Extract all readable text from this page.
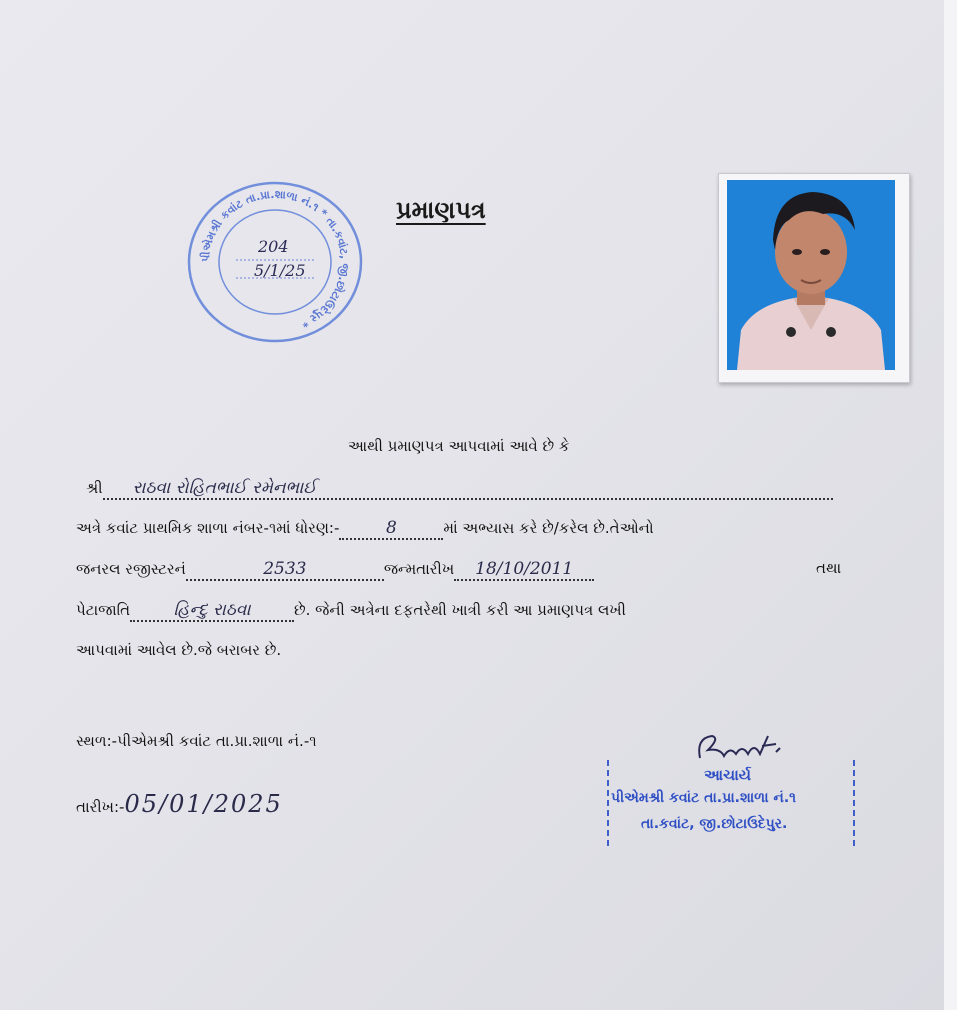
પીએમશ્રી કવાંટ તા.પ્રા.શાળા નં.૧ * તા.કવાંટ, જી.છોટાઉદેપુર *
204
5/1/25
પ્રમાણપત્ર
આથી પ્રમાણપત્ર આપવામાં આવે છે કે
શ્રી રાઠવા રોહિતભાઈ રમેનભાઈ
અત્રે કવાંટ પ્રાથમિક શાળા નંબર-૧માં ધોરણ:-	8	માં અભ્યાસ કરે છે/કરેલ છે.તેઓનો
જનરલ રજીસ્ટરનં	2533	જન્મતારીખ 18/10/2011	તથા
પેટાજાતિ	હિન્દુ રાઠવા	છે. જેની અત્રેના દફતરેથી ખાત્રી કરી આ પ્રમાણપત્ર લખી
આપવામાં આવેલ છે.જે બરાબર છે.
સ્થળ:-પીએમશ્રી કવાંટ તા.પ્રા.શાળા નં.-૧
તારીખ:-05/01/2025
આચાર્ય
પીએમશ્રી કવાંટ તા.પ્રા.શાળા નં.૧
તા.કવાંટ, જી.છોટાઉદેપુર.
